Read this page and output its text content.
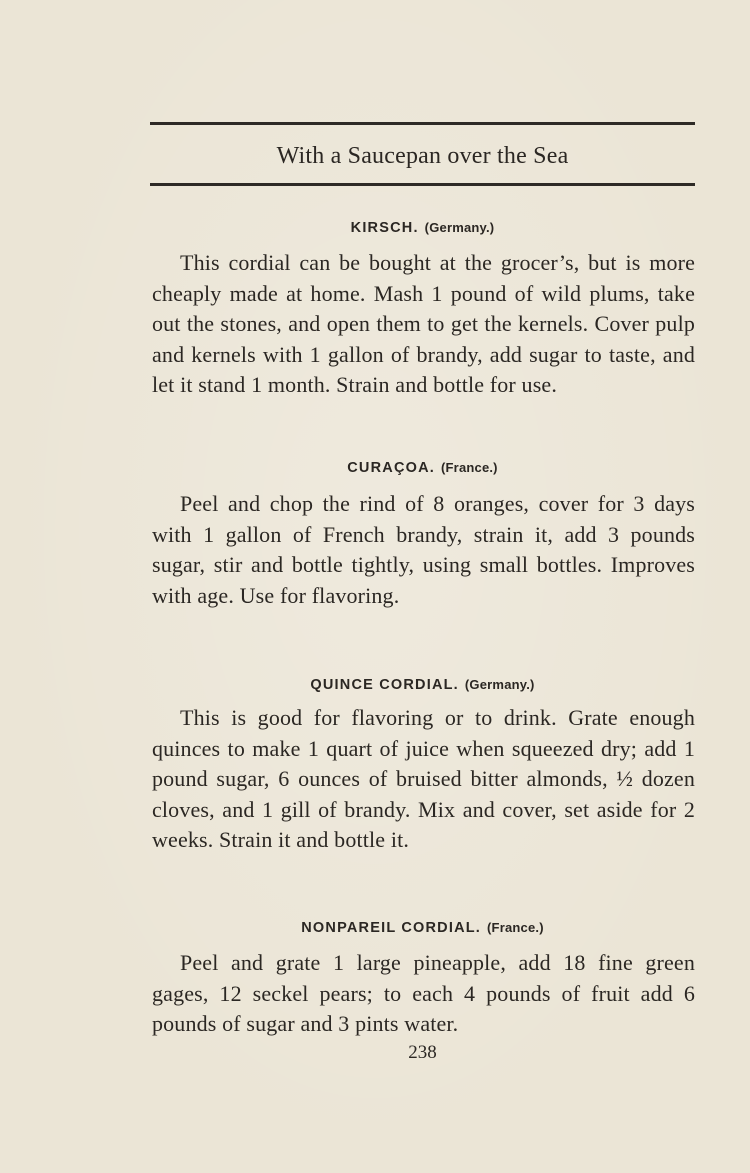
With a Saucepan over the Sea
KIRSCH. (Germany.)
This cordial can be bought at the grocer’s, but is more cheaply made at home. Mash 1 pound of wild plums, take out the stones, and open them to get the kernels. Cover pulp and kernels with 1 gallon of brandy, add sugar to taste, and let it stand 1 month. Strain and bottle for use.
CURAÇOA. (France.)
Peel and chop the rind of 8 oranges, cover for 3 days with 1 gallon of French brandy, strain it, add 3 pounds sugar, stir and bottle tightly, using small bottles. Improves with age. Use for flavoring.
QUINCE CORDIAL. (Germany.)
This is good for flavoring or to drink. Grate enough quinces to make 1 quart of juice when squeezed dry; add 1 pound sugar, 6 ounces of bruised bitter almonds, ½ dozen cloves, and 1 gill of brandy. Mix and cover, set aside for 2 weeks. Strain it and bottle it.
NONPAREIL CORDIAL. (France.)
Peel and grate 1 large pineapple, add 18 fine green gages, 12 seckel pears; to each 4 pounds of fruit add 6 pounds of sugar and 3 pints water.
238
